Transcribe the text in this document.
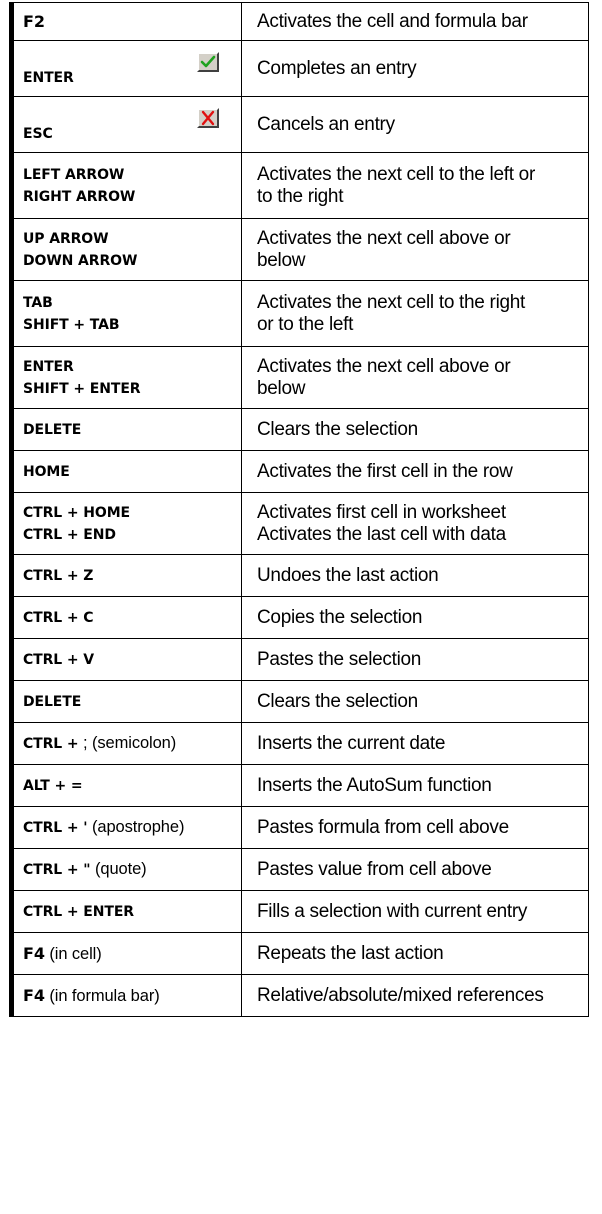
F2	Activates the cell and formula bar

ENTER	Completes an entry

ESC	Cancels an entry

LEFT ARROW
RIGHT ARROW	Activates the next cell to the left or
to the right

UP ARROW
DOWN ARROW	Activates the next cell above or
below

TAB
SHIFT + TAB	Activates the next cell to the right
or to the left

ENTER
SHIFT + ENTER	Activates the next cell above or
below

DELETE	Clears the selection

HOME	Activates the first cell in the row

CTRL + HOME
CTRL + END	Activates first cell in worksheet
Activates the last cell with data

CTRL + Z	Undoes the last action

CTRL + C	Copies the selection

CTRL + V	Pastes the selection

DELETE	Clears the selection

CTRL + ; (semicolon)	Inserts the current date

ALT + =	Inserts the AutoSum function

CTRL + ' (apostrophe)	Pastes formula from cell above

CTRL + " (quote)	Pastes value from cell above

CTRL + ENTER	Fills a selection with current entry

F4 (in cell)	Repeats the last action

F4 (in formula bar)	Relative/absolute/mixed references
